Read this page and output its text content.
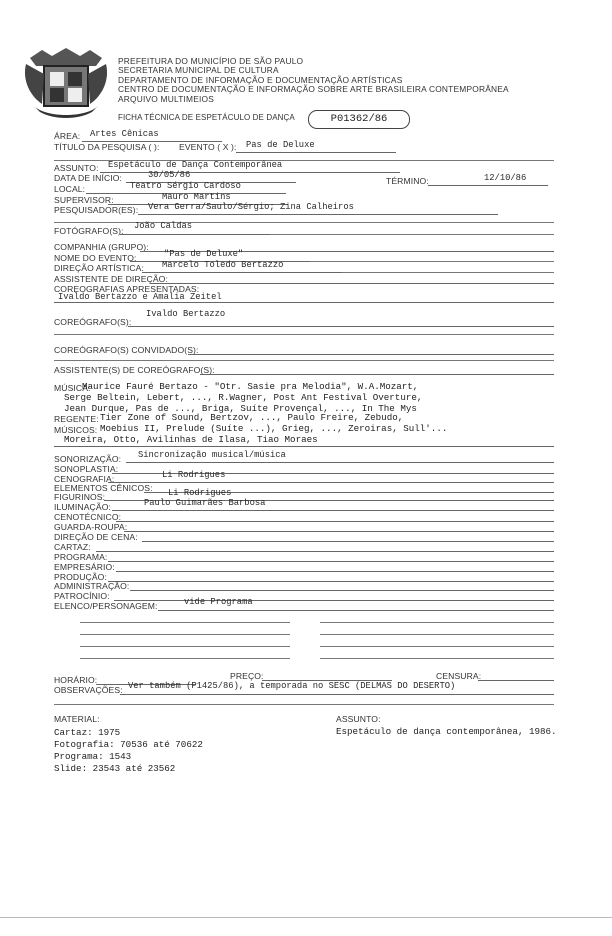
PREFEITURA DO MUNICÍPIO DE SÃO PAULO
SECRETARIA MUNICIPAL DE CULTURA
DEPARTAMENTO DE INFORMAÇÃO E DOCUMENTAÇÃO ARTÍSTICAS
CENTRO DE DOCUMENTAÇÃO E INFORMAÇÃO SOBRE ARTE BRASILEIRA CONTEMPORÂNEA
ARQUIVO MULTIMEIOS
FICHA TÉCNICA DE ESPETÁCULO DE DANÇA	P01362/86
ÁREA: Artes Cênicas
TÍTULO DA PESQUISA ( ): EVENTO ( X ): Pas de Deluxe
ASSUNTO: Espetáculo de Dança Contemporânea
DATA DE INÍCIO:	30/05/86
TÉRMINO:	12/10/86
LOCAL:	Teatro Sérgio Cardoso
SUPERVISOR:	Mauro Martins
PESQUISADOR(ES): Vera Gerra/Saulo/Sérgio; Zina Calheiros
FOTÓGRAFO(S): João Caldas
COMPANHIA (GRUPO):
NOME DO EVENTO:	"Pas de Deluxe"
DIREÇÃO ARTÍSTICA: Marcelo Toledo Bertazzo
ASSISTENTE DE DIREÇÃO:
COREOGRAFIAS APRESENTADAS:
Ivaldo Bertazzo e Amalia Zeitel
COREÓGRAFO(S):
Ivaldo Bertazzo
COREÓGRAFO(S) CONVIDADO(S):
ASSISTENTE(S) DE COREÓGRAFO(S):
MÚSICA:
Maurice Fauré Bertazo - "Otr. Sasie pra Melodia", W.A.Mozart,
Serge Beltein, Lebert, ..., R.Wagner, Post Ant Festival Overture,
Jean Durque, Pas de ..., Briga, Suíte Provençal, ..., In The Mys
REGENTE: Tier Zone of Sound, Bertzov, ..., Paulo Freire, Zebudo,
MÚSICOS: Moebius II, Prelude (Suíte ...), Grieg, ..., Zeroiras, Sull'...
Moreira, Otto, Avilinhas de Ilasa, Tiao Moraes
SONORIZAÇÃO: Sincronização musical/música
SONOPLASTIA:
CENOGRAFIA:	Li Rodrigues
ELEMENTOS CÊNICOS:
FIGURINOS:	Li Rodrigues
ILUMINAÇÃO:	Paulo Guimarães Barbosa
CENOTÉCNICO:
GUARDA-ROUPA:
DIREÇÃO DE CENA:
CARTAZ:
PROGRAMA:
EMPRESÁRIO:
PRODUÇÃO:
ADMINISTRAÇÃO:
PATROCÍNIO:
ELENCO/PERSONAGEM:	vide Programa
HORÁRIO:	PREÇO:	CENSURA:
OBSERVAÇÕES: Ver também (P1425/86), a temporada no SESC (DELMAS DO DESERTO)
MATERIAL:
Cartaz: 1975
Fotografia: 70536 até 70622
Programa: 1543
Slide: 23543 até 23562
ASSUNTO:
Espetáculo de dança contemporânea, 1986.
